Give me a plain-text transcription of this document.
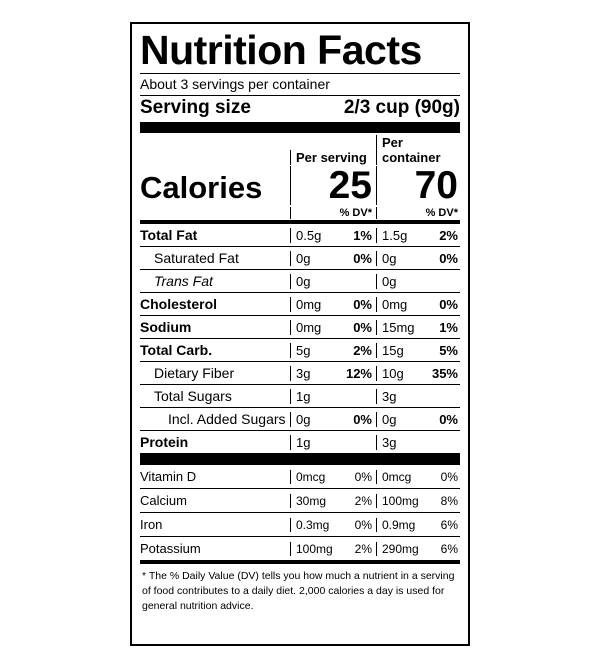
Nutrition Facts
About 3 servings per container
Serving size	2/3 cup (90g)
Per serving
Per container
Calories	25	70
% DV*	% DV*
Total Fat	0.5g 1% 1.5g 2%
Saturated Fat	0g	0% 0g	0%
Trans Fat	0g	0g
Cholesterol	0mg 0% 0mg 0%
Sodium	0mg 0% 15mg 1%
Total Carb.	5g	2% 15g	5%
Dietary Fiber	3g	12% 10g 35%
Total Sugars	1g	3g
Incl. Added Sugars 0g	0% 0g	0%
Protein	1g	3g
Vitamin D	0mcg 0% 0mcg 0%
Calcium	30mg 2% 100mg 8%
Iron	0.3mg 0% 0.9mg 6%
Potassium	100mg 2% 290mg 6%
* The % Daily Value (DV) tells you how much a nutrient in a serving of food contributes to a daily diet. 2,000 calories a day is used for general nutrition advice.
